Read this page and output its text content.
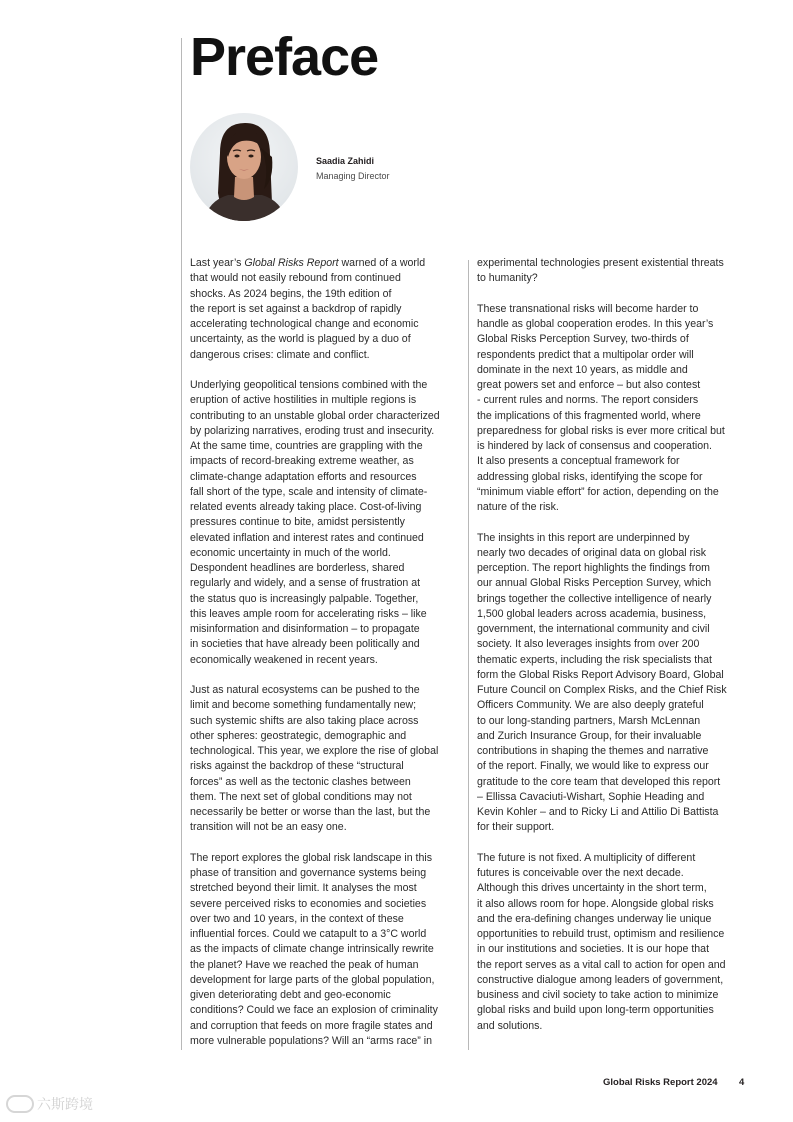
Preface
Saadia Zahidi
Managing Director

Last year’s Global Risks Report warned of a world
that would not easily rebound from continued
shocks. As 2024 begins, the 19th edition of
the report is set against a backdrop of rapidly
accelerating technological change and economic
uncertainty, as the world is plagued by a duo of
dangerous crises: climate and conflict.

Underlying geopolitical tensions combined with the
eruption of active hostilities in multiple regions is
contributing to an unstable global order characterized
by polarizing narratives, eroding trust and insecurity.
At the same time, countries are grappling with the
impacts of record-breaking extreme weather, as
climate-change adaptation efforts and resources
fall short of the type, scale and intensity of climate-
related events already taking place. Cost-of-living
pressures continue to bite, amidst persistently
elevated inflation and interest rates and continued
economic uncertainty in much of the world.
Despondent headlines are borderless, shared
regularly and widely, and a sense of frustration at
the status quo is increasingly palpable. Together,
this leaves ample room for accelerating risks – like
misinformation and disinformation – to propagate
in societies that have already been politically and
economically weakened in recent years.

Just as natural ecosystems can be pushed to the
limit and become something fundamentally new;
such systemic shifts are also taking place across
other spheres: geostrategic, demographic and
technological. This year, we explore the rise of global
risks against the backdrop of these “structural
forces” as well as the tectonic clashes between
them. The next set of global conditions may not
necessarily be better or worse than the last, but the
transition will not be an easy one.

The report explores the global risk landscape in this
phase of transition and governance systems being
stretched beyond their limit. It analyses the most
severe perceived risks to economies and societies
over two and 10 years, in the context of these
influential forces. Could we catapult to a 3°C world
as the impacts of climate change intrinsically rewrite
the planet? Have we reached the peak of human
development for large parts of the global population,
given deteriorating debt and geo-economic
conditions? Could we face an explosion of criminality
and corruption that feeds on more fragile states and
more vulnerable populations? Will an “arms race” in

experimental technologies present existential threats
to humanity?

These transnational risks will become harder to
handle as global cooperation erodes. In this year’s
Global Risks Perception Survey, two-thirds of
respondents predict that a multipolar order will
dominate in the next 10 years, as middle and
great powers set and enforce – but also contest
- current rules and norms. The report considers
the implications of this fragmented world, where
preparedness for global risks is ever more critical but
is hindered by lack of consensus and cooperation.
It also presents a conceptual framework for
addressing global risks, identifying the scope for
“minimum viable effort” for action, depending on the
nature of the risk.

The insights in this report are underpinned by
nearly two decades of original data on global risk
perception. The report highlights the findings from
our annual Global Risks Perception Survey, which
brings together the collective intelligence of nearly
1,500 global leaders across academia, business,
government, the international community and civil
society. It also leverages insights from over 200
thematic experts, including the risk specialists that
form the Global Risks Report Advisory Board, Global
Future Council on Complex Risks, and the Chief Risk
Officers Community. We are also deeply grateful
to our long-standing partners, Marsh McLennan
and Zurich Insurance Group, for their invaluable
contributions in shaping the themes and narrative
of the report. Finally, we would like to express our
gratitude to the core team that developed this report
– Ellissa Cavaciuti-Wishart, Sophie Heading and
Kevin Kohler – and to Ricky Li and Attilio Di Battista
for their support.

The future is not fixed. A multiplicity of different
futures is conceivable over the next decade.
Although this drives uncertainty in the short term,
it also allows room for hope. Alongside global risks
and the era-defining changes underway lie unique
opportunities to rebuild trust, optimism and resilience
in our institutions and societies. It is our hope that
the report serves as a vital call to action for open and
constructive dialogue among leaders of government,
business and civil society to take action to minimize
global risks and build upon long-term opportunities
and solutions.

Global Risks Report 2024 4
六斯跨境
